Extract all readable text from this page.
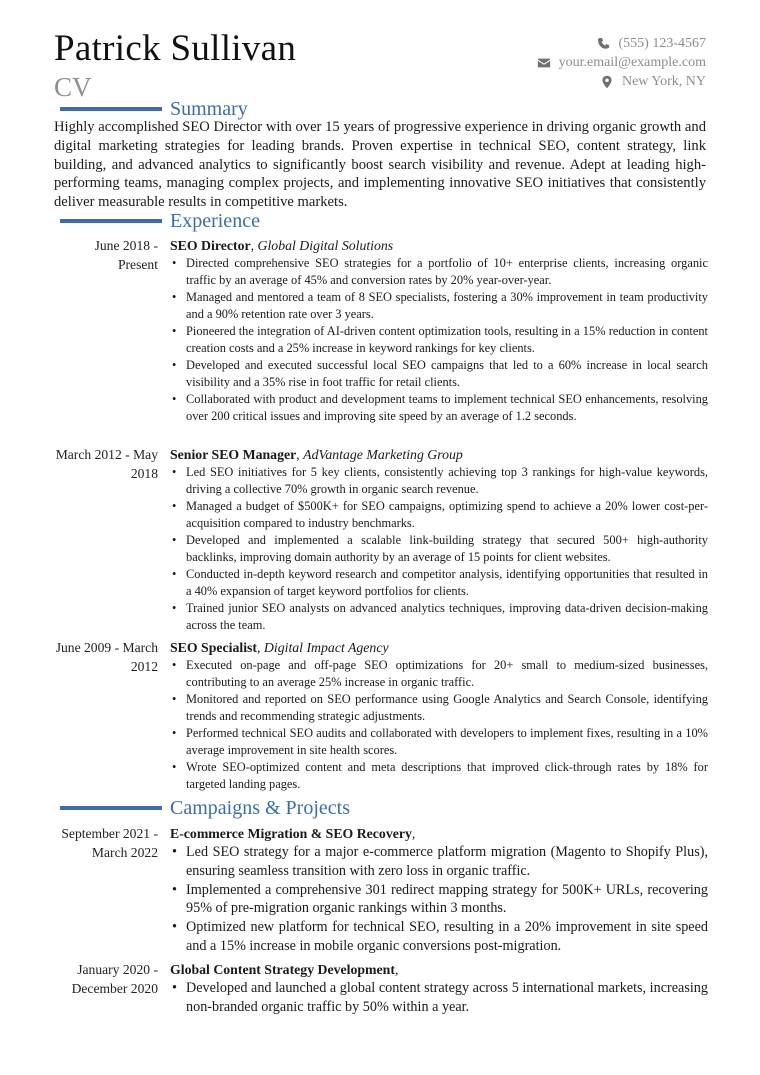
Patrick Sullivan
CV
(555) 123-4567
your.email@example.com
New York, NY
Summary
Highly accomplished SEO Director with over 15 years of progressive experience in driving organic growth and digital marketing strategies for leading brands. Proven expertise in technical SEO, content strategy, link building, and advanced analytics to significantly boost search visibility and revenue. Adept at leading high-performing teams, managing complex projects, and implementing innovative SEO initiatives that consistently deliver measurable results in competitive markets.
Experience
June 2018 - Present
SEO Director, Global Digital Solutions
• Directed comprehensive SEO strategies for a portfolio of 10+ enterprise clients, increasing organic traffic by an average of 45% and conversion rates by 20% year-over-year.
• Managed and mentored a team of 8 SEO specialists, fostering a 30% improvement in team productivity and a 90% retention rate over 3 years.
• Pioneered the integration of AI-driven content optimization tools, resulting in a 15% reduction in content creation costs and a 25% increase in keyword rankings for key clients.
• Developed and executed successful local SEO campaigns that led to a 60% increase in local search visibility and a 35% rise in foot traffic for retail clients.
• Collaborated with product and development teams to implement technical SEO enhancements, resolving over 200 critical issues and improving site speed by an average of 1.2 seconds.
March 2012 - May 2018
Senior SEO Manager, AdVantage Marketing Group
• Led SEO initiatives for 5 key clients, consistently achieving top 3 rankings for high-value keywords, driving a collective 70% growth in organic search revenue.
• Managed a budget of $500K+ for SEO campaigns, optimizing spend to achieve a 20% lower cost-per-acquisition compared to industry benchmarks.
• Developed and implemented a scalable link-building strategy that secured 500+ high-authority backlinks, improving domain authority by an average of 15 points for client websites.
• Conducted in-depth keyword research and competitor analysis, identifying opportunities that resulted in a 40% expansion of target keyword portfolios for clients.
• Trained junior SEO analysts on advanced analytics techniques, improving data-driven decision-making across the team.
June 2009 - March 2012
SEO Specialist, Digital Impact Agency
• Executed on-page and off-page SEO optimizations for 20+ small to medium-sized businesses, contributing to an average 25% increase in organic traffic.
• Monitored and reported on SEO performance using Google Analytics and Search Console, identifying trends and recommending strategic adjustments.
• Performed technical SEO audits and collaborated with developers to implement fixes, resulting in a 10% average improvement in site health scores.
• Wrote SEO-optimized content and meta descriptions that improved click-through rates by 18% for targeted landing pages.
Campaigns & Projects
September 2021 - March 2022
E-commerce Migration & SEO Recovery,
• Led SEO strategy for a major e-commerce platform migration (Magento to Shopify Plus), ensuring seamless transition with zero loss in organic traffic.
• Implemented a comprehensive 301 redirect mapping strategy for 500K+ URLs, recovering 95% of pre-migration organic rankings within 3 months.
• Optimized new platform for technical SEO, resulting in a 20% improvement in site speed and a 15% increase in mobile organic conversions post-migration.
January 2020 - December 2020
Global Content Strategy Development,
• Developed and launched a global content strategy across 5 international markets, increasing non-branded organic traffic by 50% within a year.
